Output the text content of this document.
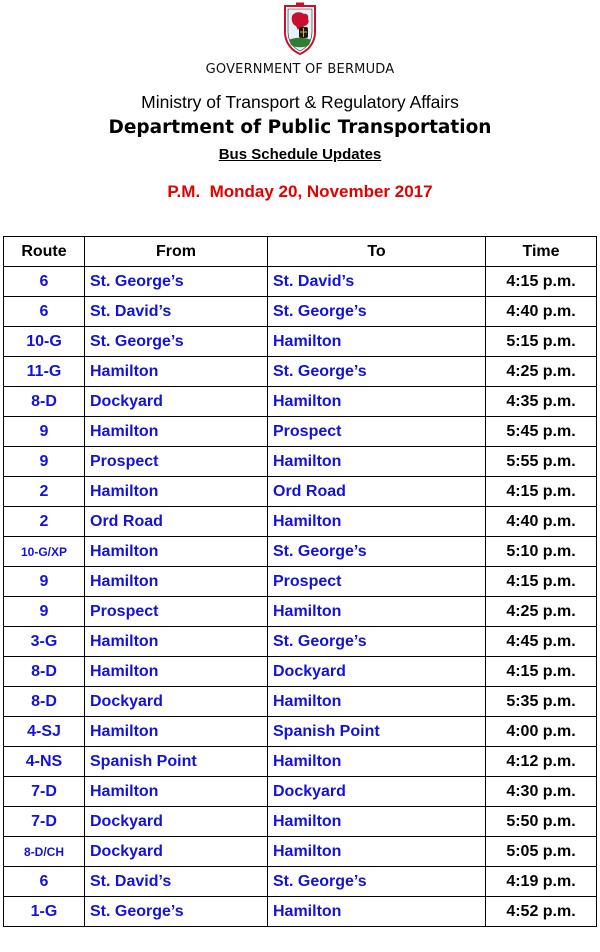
GOVERNMENT OF BERMUDA
Ministry of Transport & Regulatory Affairs
Department of Public Transportation
Bus Schedule Updates
P.M.  Monday 20, November 2017
Route	From	To	Time
6	St. George’s	St. David’s	4:15 p.m.
6	St. David’s	St. George’s	4:40 p.m.
10-G	St. George’s	Hamilton	5:15 p.m.
11-G	Hamilton	St. George’s	4:25 p.m.
8-D	Dockyard	Hamilton	4:35 p.m.
9	Hamilton	Prospect	5:45 p.m.
9	Prospect	Hamilton	5:55 p.m.
2	Hamilton	Ord Road	4:15 p.m.
2	Ord Road	Hamilton	4:40 p.m.
10-G/XP	Hamilton	St. George’s	5:10 p.m.
9	Hamilton	Prospect	4:15 p.m.
9	Prospect	Hamilton	4:25 p.m.
3-G	Hamilton	St. George’s	4:45 p.m.
8-D	Hamilton	Dockyard	4:15 p.m.
8-D	Dockyard	Hamilton	5:35 p.m.
4-SJ	Hamilton	Spanish Point	4:00 p.m.
4-NS	Spanish Point	Hamilton	4:12 p.m.
7-D	Hamilton	Dockyard	4:30 p.m.
7-D	Dockyard	Hamilton	5:50 p.m.
8-D/CH	Dockyard	Hamilton	5:05 p.m.
6	St. David’s	St. George’s	4:19 p.m.
1-G	St. George’s	Hamilton	4:52 p.m.
